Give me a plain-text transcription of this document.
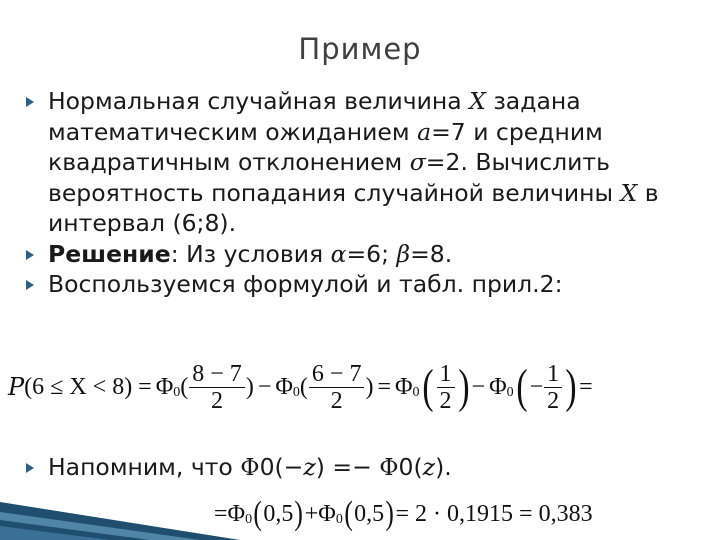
Пример
Нормальная случайная величина X задана математическим ожиданием a=7 и средним квадратичным отклонением σ=2. Вычислить вероятность попадания случайной величины X в интервал (6;8).
Решение: Из условия α=6; β=8.
Воспользуемся формулой и табл. прил.2:
P (6 ≤ X < 8) = Φ 0 ( $\frac{8 - 7}{2}$ ) − Φ 0 ( $\frac{6 - 7}{2}$ ) = Φ 0 ( $\frac{1}{2}$ ) − Φ 0 ( − $\frac{1}{2}$ ) =
Напомним, что Φ0(−z) =− Φ0(z).
= Φ 0 ( 0,5 ) + Φ 0 ( 0,5 ) = 2 · 0,1915 = 0,383
